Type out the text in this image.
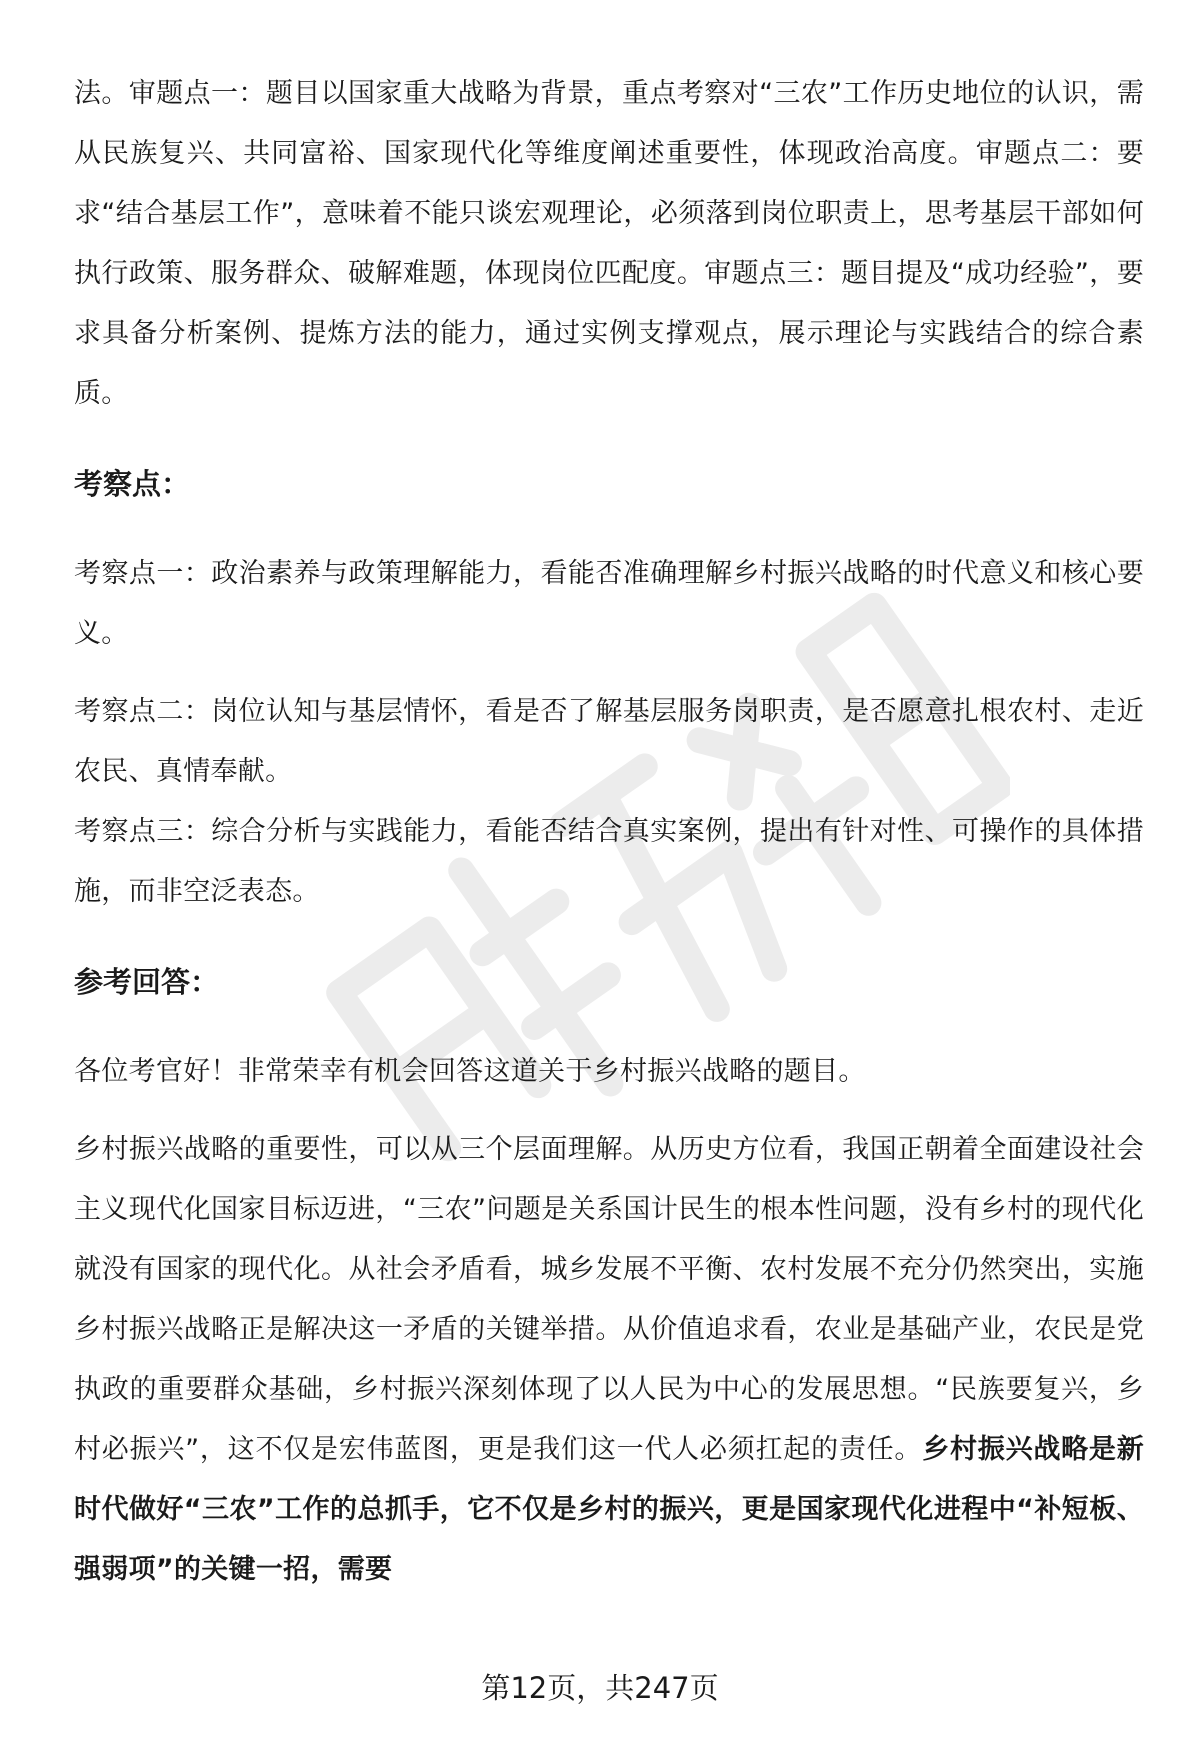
法。审题点一：题目以国家重大战略为背景，重点考察对“三农”工作历史地位的认识，需从民族复兴、共同富裕、国家现代化等维度阐述重要性，体现政治高度。审题点二：要求“结合基层工作”，意味着不能只谈宏观理论，必须落到岗位职责上，思考基层干部如何执行政策、服务群众、破解难题，体现岗位匹配度。审题点三：题目提及“成功经验”，要求具备分析案例、提炼方法的能力，通过实例支撑观点，展示理论与实践结合的综合素质。

考察点：

考察点一：政治素养与政策理解能力，看能否准确理解乡村振兴战略的时代意义和核心要义。

考察点二：岗位认知与基层情怀，看是否了解基层服务岗职责，是否愿意扎根农村、走近农民、真情奉献。

考察点三：综合分析与实践能力，看能否结合真实案例，提出有针对性、可操作的具体措施，而非空泛表态。

参考回答：

各位考官好！非常荣幸有机会回答这道关于乡村振兴战略的题目。

乡村振兴战略的重要性，可以从三个层面理解。从历史方位看，我国正朝着全面建设社会主义现代化国家目标迈进，“三农”问题是关系国计民生的根本性问题，没有乡村的现代化就没有国家的现代化。从社会矛盾看，城乡发展不平衡、农村发展不充分仍然突出，实施乡村振兴战略正是解决这一矛盾的关键举措。从价值追求看，农业是基础产业，农民是党执政的重要群众基础，乡村振兴深刻体现了以人民为中心的发展思想。“民族要复兴，乡村必振兴”，这不仅是宏伟蓝图，更是我们这一代人必须扛起的责任。乡村振兴战略是新时代做好“三农”工作的总抓手，它不仅是乡村的振兴，更是国家现代化进程中“补短板、强弱项”的关键一招，需要

第12页，共247页
